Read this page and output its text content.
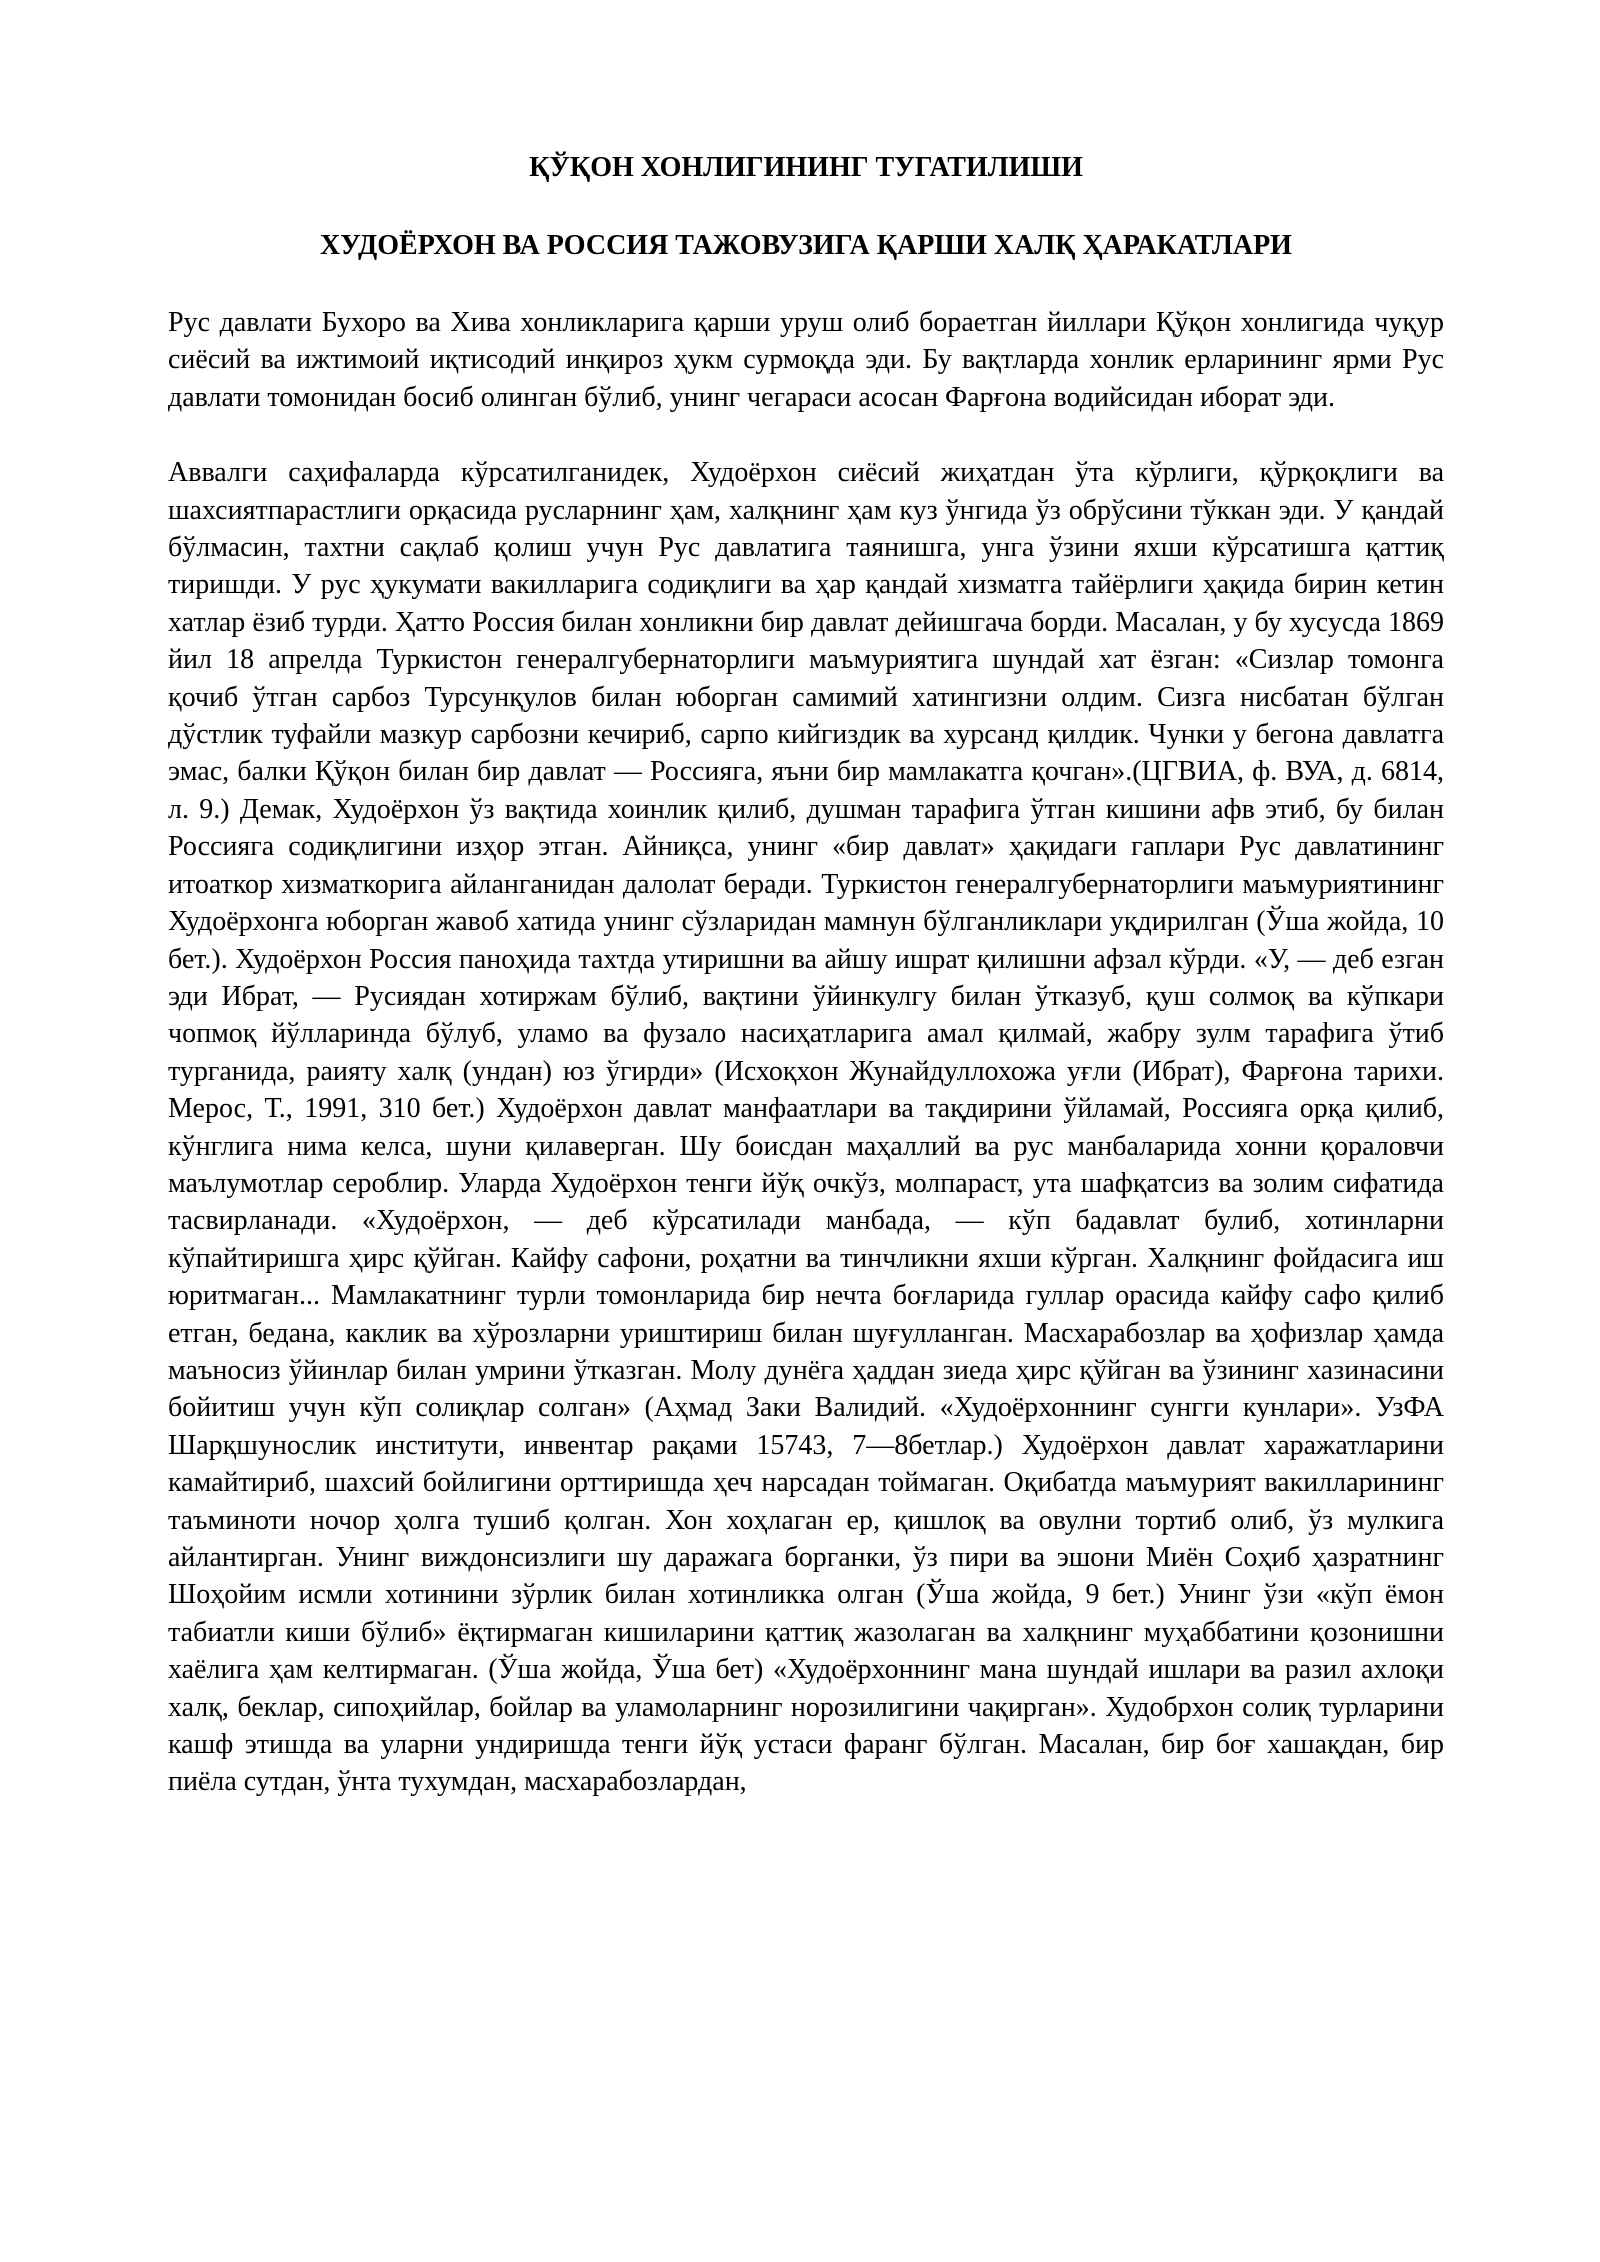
ҚЎҚОН ХОНЛИГИНИНГ ТУГАТИЛИШИ
ХУДОЁРХОН ВА РОССИЯ ТАЖОВУЗИГА ҚАРШИ ХАЛҚ ҲАРАКАТЛАРИ

Рус давлати Бухоро ва Хива хонликларига қарши уруш олиб бораетган йиллари Қўқон хонлигида чуқур сиёсий ва ижтимоий иқтисодий инқироз ҳукм сурмоқда эди. Бу вақтларда хонлик ерларининг ярми Рус давлати томонидан босиб олинган бўлиб, унинг чегараси асосан Фарғона водийсидан иборат эди.

Аввалги саҳифаларда кўрсатилганидек, Худоёрхон сиёсий жиҳатдан ўта кўрлиги, қўрқоқлиги ва шахсиятпарастлиги орқасида русларнинг ҳам, халқнинг ҳам куз ўнгида ўз обрўсини тўккан эди. У қандай бўлмасин, тахтни сақлаб қолиш учун Рус давлатига таянишга, унга ўзини яхши кўрсатишга қаттиқ тиришди. У рус ҳукумати вакилларига содиқлиги ва ҳар қандай хизматга тайёрлиги ҳақида бирин кетин хатлар ёзиб турди. Ҳатто Россия билан хонликни бир давлат дейишгача борди. Масалан, у бу хусусда 1869 йил 18 апрелда Туркистон генералгубернаторлиги маъмуриятига шундай хат ёзган: «Сизлар томонга қочиб ўтган сарбоз Турсунқулов билан юборган самимий хатингизни олдим. Сизга нисбатан бўлган дўстлик туфайли мазкур сарбозни кечириб, сарпо кийгиздик ва хурсанд қилдик. Чунки у бегона давлатга эмас, балки Қўқон билан бир давлат — Россияга, яъни бир мамлакатга қочган».(ЦГВИА, ф. ВУА, д. 6814, л. 9.) Демак, Худоёрхон ўз вақтида хоинлик қилиб, душман тарафига ўтган кишини афв этиб, бу билан Россияга содиқлигини изҳор этган. Айниқса, унинг «бир давлат» ҳақидаги гаплари Рус давлатининг итоаткор хизматкорига айланганидан далолат беради. Туркистон генералгубернаторлиги маъмуриятининг Худоёрхонга юборган жавоб хатида унинг сўзларидан мамнун бўлганликлари уқдирилган (Ўша жойда, 10 бет.). Худоёрхон Россия паноҳида тахтда утиришни ва айшу ишрат қилишни афзал кўрди. «У, — деб езган эди Ибрат, — Русиядан хотиржам бўлиб, вақтини ўйинкулгу билан ўтказуб, қуш солмоқ ва кўпкари чопмоқ йўлларинда бўлуб, уламо ва фузало насиҳатларига амал қилмай, жабру зулм тарафига ўтиб турганида, раияту халқ (ундан) юз ўгирди» (Исхоқхон Жунайдуллохожа уғли (Ибрат), Фарғона тарихи. Мерос, Т., 1991, 310 бет.) Худоёрхон давлат манфаатлари ва тақдирини ўйламай, Россияга орқа қилиб, кўнглига нима келса, шуни қилаверган. Шу боисдан маҳаллий ва рус манбаларида хонни қораловчи маълумотлар сероблир. Уларда Худоёрхон тенги йўқ очкўз, молпараст, ута шафқатсиз ва золим сифатида тасвирланади. «Худоёрхон, — деб кўрсатилади манбада, — кўп бадавлат булиб, хотинларни кўпайтиришга ҳирс қўйган. Кайфу сафони, роҳатни ва тинчликни яхши кўрган. Халқнинг фойдасига иш юритмаган... Мамлакатнинг турли томонларида бир нечта боғларида гуллар орасида кайфу сафо қилиб етган, бедана, каклик ва хўрозларни уриштириш билан шуғулланган. Масхарабозлар ва ҳофизлар ҳамда маъносиз ўйинлар билан умрини ўтказган. Молу дунёга ҳаддан зиеда ҳирс қўйган ва ўзининг хазинасини бойитиш учун кўп солиқлар солган» (Аҳмад Заки Валидий. «Худоёрхоннинг сунгги кунлари». УзФА Шарқшунослик институти, инвентар рақами 15743, 7—8бетлар.) Худоёрхон давлат харажатларини камайтириб, шахсий бойлигини орттиришда ҳеч нарсадан тоймаган. Оқибатда маъмурият вакилларининг таъминоти ночор ҳолга тушиб қолган. Хон хоҳлаган ер, қишлоқ ва овулни тортиб олиб, ўз мулкига айлантирган. Унинг виждонсизлиги шу даражага борганки, ўз пири ва эшони Миён Соҳиб ҳазратнинг Шоҳойим исмли хотинини зўрлик билан хотинликка олган (Ўша жойда, 9 бет.) Унинг ўзи «кўп ёмон табиатли киши бўлиб» ёқтирмаган кишиларини қаттиқ жазолаган ва халқнинг муҳаббатини қозонишни хаёлига ҳам келтирмаган. (Ўша жойда, Ўша бет) «Худоёрхоннинг мана шундай ишлари ва разил ахлоқи халқ, беклар, сипоҳийлар, бойлар ва уламоларнинг норозилигини чақирган». Худобрхон солиқ турларини кашф этишда ва уларни ундиришда тенги йўқ устаси фаранг бўлган. Масалан, бир боғ хашақдан, бир пиёла сутдан, ўнта тухумдан, масхарабозлардан,
